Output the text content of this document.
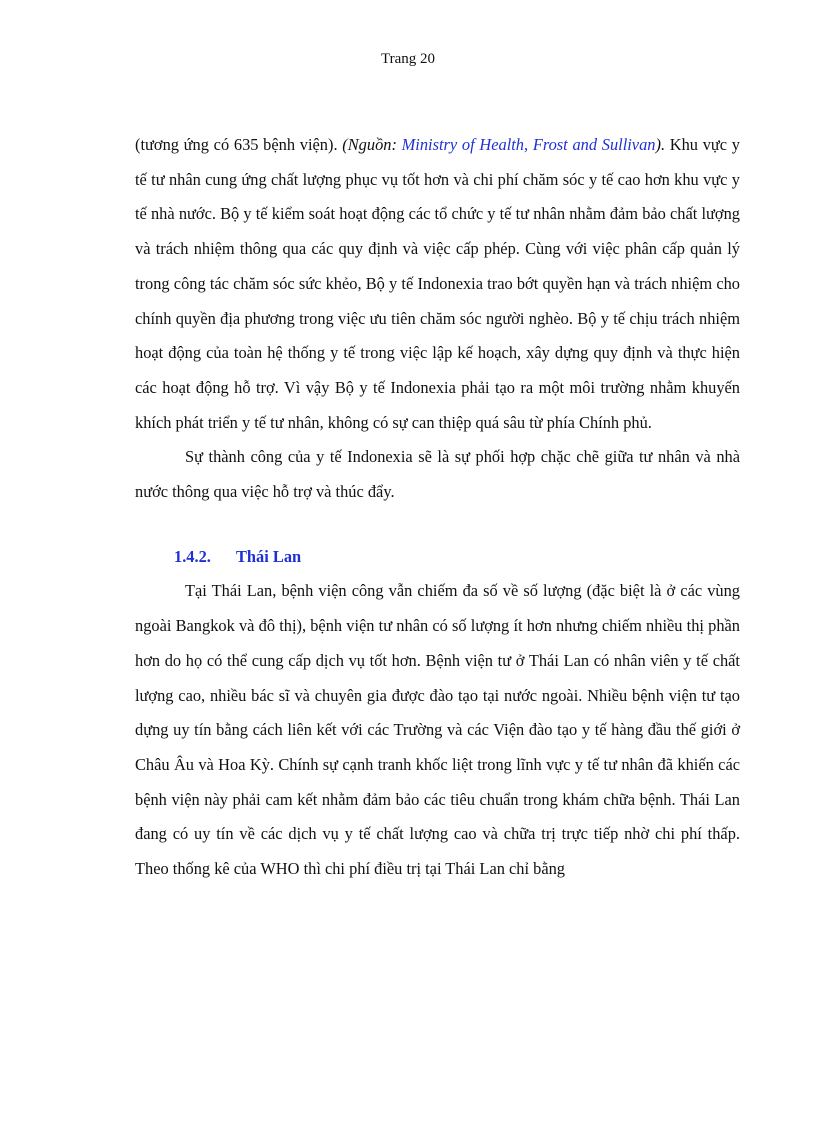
Trang 20

(tương ứng có 635 bệnh viện). (Nguồn: Ministry of Health, Frost and Sullivan). Khu vực y tế tư nhân cung ứng chất lượng phục vụ tốt hơn và chi phí chăm sóc y tế cao hơn khu vực y tế nhà nước. Bộ y tế kiểm soát hoạt động các tổ chức y tế tư nhân nhằm đảm bảo chất lượng và trách nhiệm thông qua các quy định và việc cấp phép. Cùng với việc phân cấp quản lý trong công tác chăm sóc sức khẻo, Bộ y tế Indonexia trao bớt quyền hạn và trách nhiệm cho chính quyền địa phương trong việc ưu tiên chăm sóc người nghèo. Bộ y tế chịu trách nhiệm hoạt động của toàn hệ thống y tế trong việc lập kế hoạch, xây dựng quy định và thực hiện các hoạt động hỗ trợ. Vì vậy Bộ y tế Indonexia phải tạo ra một môi trường nhằm khuyến khích phát triển y tế tư nhân, không có sự can thiệp quá sâu từ phía Chính phủ.

Sự thành công của y tế Indonexia sẽ là sự phối hợp chặc chẽ giữa tư nhân và nhà nước thông qua việc hỗ trợ và thúc đẩy.

1.4.2. Thái Lan

Tại Thái Lan, bệnh viện công vẫn chiếm đa số về số lượng (đặc biệt là ở các vùng ngoài Bangkok và đô thị), bệnh viện tư nhân có số lượng ít hơn nhưng chiếm nhiều thị phần hơn do họ có thể cung cấp dịch vụ tốt hơn. Bệnh viện tư ở Thái Lan có nhân viên y tế chất lượng cao, nhiều bác sĩ và chuyên gia được đào tạo tại nước ngoài. Nhiều bệnh viện tư tạo dựng uy tín bằng cách liên kết với các Trường và các Viện đào tạo y tế hàng đầu thế giới ở Châu Âu và Hoa Kỳ. Chính sự cạnh tranh khốc liệt trong lĩnh vực y tế tư nhân đã khiến các bệnh viện này phải cam kết nhằm đảm bảo các tiêu chuẩn trong khám chữa bệnh. Thái Lan đang có uy tín về các dịch vụ y tế chất lượng cao và chữa trị trực tiếp nhờ chi phí thấp. Theo thống kê của WHO thì chi phí điều trị tại Thái Lan chỉ bằng
